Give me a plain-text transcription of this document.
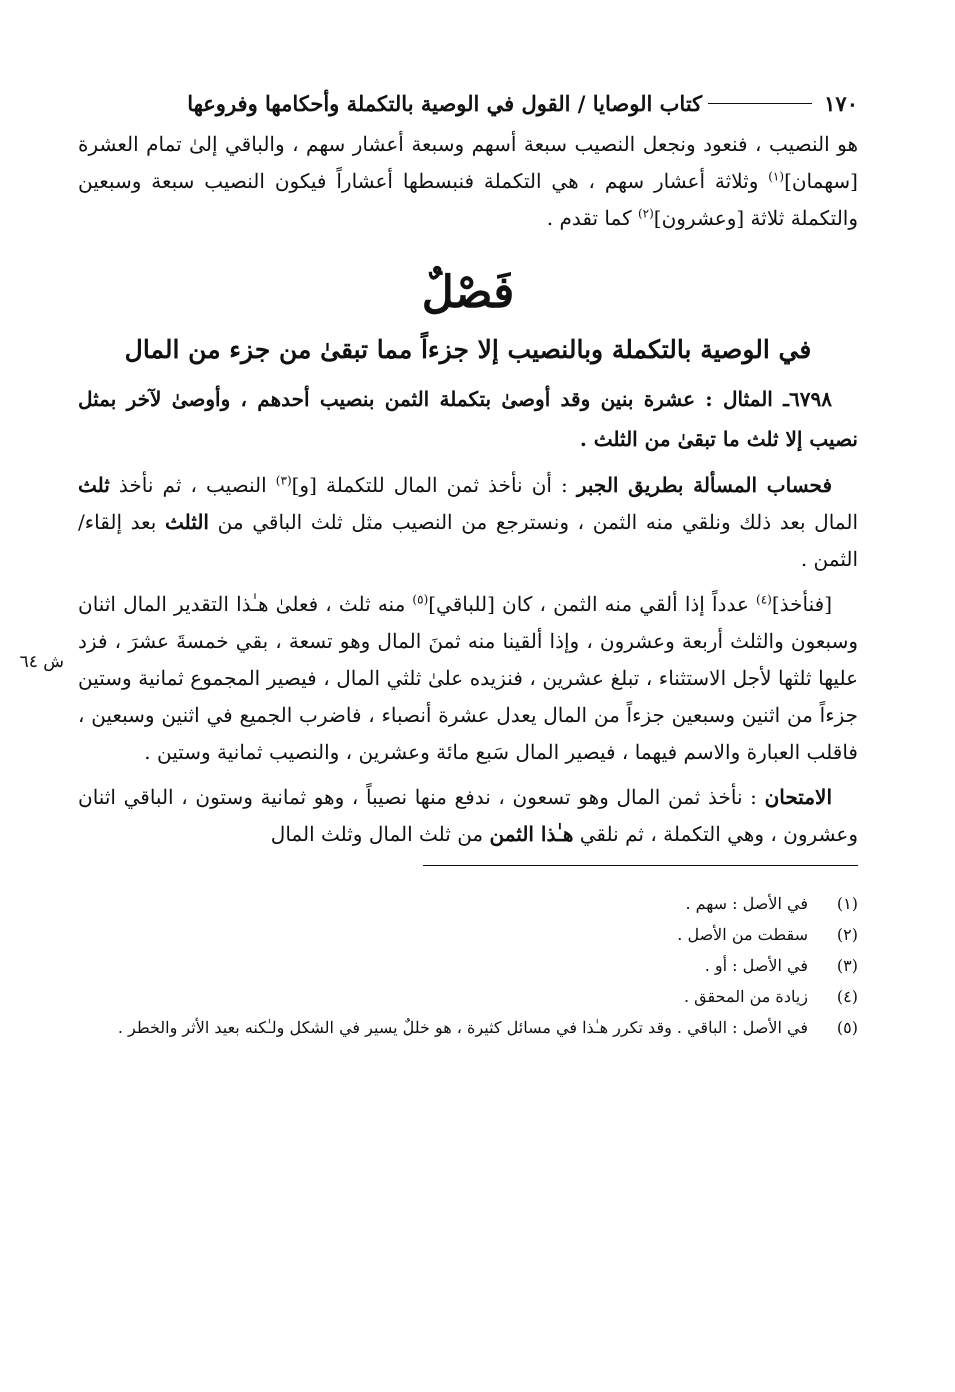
١٧٠
كتاب الوصايا / القول في الوصية بالتكملة وأحكامها وفروعها

هو النصيب ، فنعود ونجعل النصيب سبعة أسهم وسبعة أعشار سهم ، والباقي إلىٰ تمام العشرة [سهمان]$^{(١)}$ وثلاثة أعشار سهم ، هي التكملة فنبسطها أعشاراً فيكون النصيب سبعة وسبعين والتكملة ثلاثة [وعشرون]$^{(٢)}$ كما تقدم .

فَصْلٌ
في الوصية بالتكملة وبالنصيب إلا جزءاً مما تبقىٰ من جزء من المال

٦٧٩٨ـ المثال : عشرة بنين وقد أوصىٰ بتكملة الثمن بنصيب أحدهم ، وأوصىٰ لآخر بمثل نصيب إلا ثلث ما تبقىٰ من الثلث .

فحساب المسألة بطريق الجبر : أن نأخذ ثمن المال للتكملة [و]$^{(٣)}$ النصيب ، ثم نأخذ ثلث المال بعد ذلك ونلقي منه الثمن ، ونسترجع من النصيب مثل ثلث الباقي من الثلث بعد إلقاء/ الثمن .

[فنأخذ]$^{(٤)}$ عدداً إذا ألقي منه الثمن ، كان [للباقي]$^{(٥)}$ منه ثلث ، فعلىٰ هـٰذا التقدير المال اثنان وسبعون والثلث أربعة وعشرون ، وإذا ألقينا منه ثمنَ المال وهو تسعة ، بقي خمسةَ عشرَ ، فزد عليها ثلثها لأجل الاستثناء ، تبلغ عشرين ، فنزيده علىٰ ثلثي المال ، فيصير المجموع ثمانية وستين جزءاً من اثنين وسبعين جزءاً من المال يعدل عشرة أنصباء ، فاضرب الجميع في اثنين وسبعين ، فاقلب العبارة والاسم فيهما ، فيصير المال سَبع مائة وعشرين ، والنصيب ثمانية وستين .

الامتحان : نأخذ ثمن المال وهو تسعون ، ندفع منها نصيباً ، وهو ثمانية وستون ، الباقي اثنان وعشرون ، وهي التكملة ، ثم نلقي هـٰذا الثمن من ثلث المال وثلث المال

(١)
في الأصل : سهم .
(٢)
سقطت من الأصل .
(٣)
في الأصل : أو .
(٤)
زيادة من المحقق .
(٥)
في الأصل : الباقي . وقد تكرر هـٰذا في مسائل كثيرة ، هو خللٌ يسير في الشكل ولـٰكنه بعيد الأثر والخطر .
ش ٦٤
